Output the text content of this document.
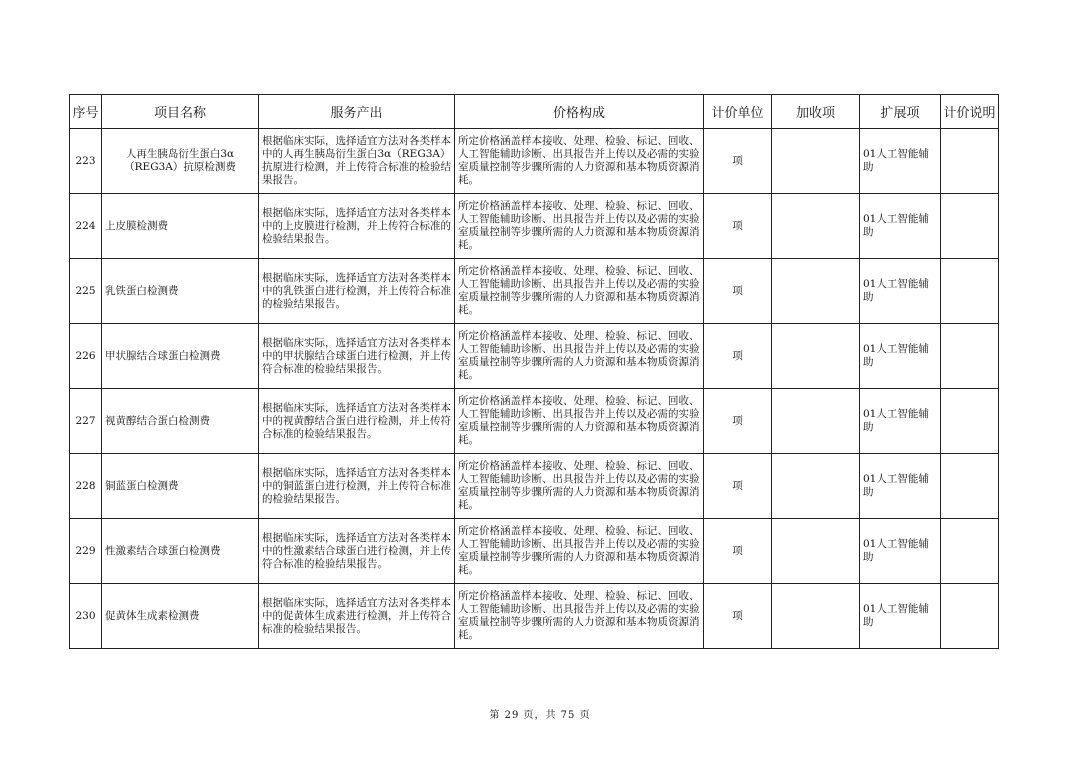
序号	项目名称	服务产出	价格构成	计价单位	加收项	扩展项	计价说明
223	人再生胰岛衍生蛋白3α（REG3A）抗原检测费	根据临床实际，选择适宜方法对各类样本中的人再生胰岛衍生蛋白3α（REG3A）抗原进行检测，并上传符合标准的检验结果报告。	所定价格涵盖样本接收、处理、检验、标记、回收、人工智能辅助诊断、出具报告并上传以及必需的实验室质量控制等步骤所需的人力资源和基本物质资源消耗。	项		01人工智能辅助	
224	上皮膜检测费	根据临床实际，选择适宜方法对各类样本中的上皮膜进行检测，并上传符合标准的检验结果报告。	所定价格涵盖样本接收、处理、检验、标记、回收、人工智能辅助诊断、出具报告并上传以及必需的实验室质量控制等步骤所需的人力资源和基本物质资源消耗。	项		01人工智能辅助	
225	乳铁蛋白检测费	根据临床实际，选择适宜方法对各类样本中的乳铁蛋白进行检测，并上传符合标准的检验结果报告。	所定价格涵盖样本接收、处理、检验、标记、回收、人工智能辅助诊断、出具报告并上传以及必需的实验室质量控制等步骤所需的人力资源和基本物质资源消耗。	项		01人工智能辅助	
226	甲状腺结合球蛋白检测费	根据临床实际，选择适宜方法对各类样本中的甲状腺结合球蛋白进行检测，并上传符合标准的检验结果报告。	所定价格涵盖样本接收、处理、检验、标记、回收、人工智能辅助诊断、出具报告并上传以及必需的实验室质量控制等步骤所需的人力资源和基本物质资源消耗。	项		01人工智能辅助	
227	视黄醇结合蛋白检测费	根据临床实际，选择适宜方法对各类样本中的视黄醇结合蛋白进行检测，并上传符合标准的检验结果报告。	所定价格涵盖样本接收、处理、检验、标记、回收、人工智能辅助诊断、出具报告并上传以及必需的实验室质量控制等步骤所需的人力资源和基本物质资源消耗。	项		01人工智能辅助	
228	铜蓝蛋白检测费	根据临床实际，选择适宜方法对各类样本中的铜蓝蛋白进行检测，并上传符合标准的检验结果报告。	所定价格涵盖样本接收、处理、检验、标记、回收、人工智能辅助诊断、出具报告并上传以及必需的实验室质量控制等步骤所需的人力资源和基本物质资源消耗。	项		01人工智能辅助	
229	性激素结合球蛋白检测费	根据临床实际，选择适宜方法对各类样本中的性激素结合球蛋白进行检测，并上传符合标准的检验结果报告。	所定价格涵盖样本接收、处理、检验、标记、回收、人工智能辅助诊断、出具报告并上传以及必需的实验室质量控制等步骤所需的人力资源和基本物质资源消耗。	项		01人工智能辅助	
230	促黄体生成素检测费	根据临床实际，选择适宜方法对各类样本中的促黄体生成素进行检测，并上传符合标准的检验结果报告。	所定价格涵盖样本接收、处理、检验、标记、回收、人工智能辅助诊断、出具报告并上传以及必需的实验室质量控制等步骤所需的人力资源和基本物质资源消耗。	项		01人工智能辅助	
第 29 页，共 75 页
